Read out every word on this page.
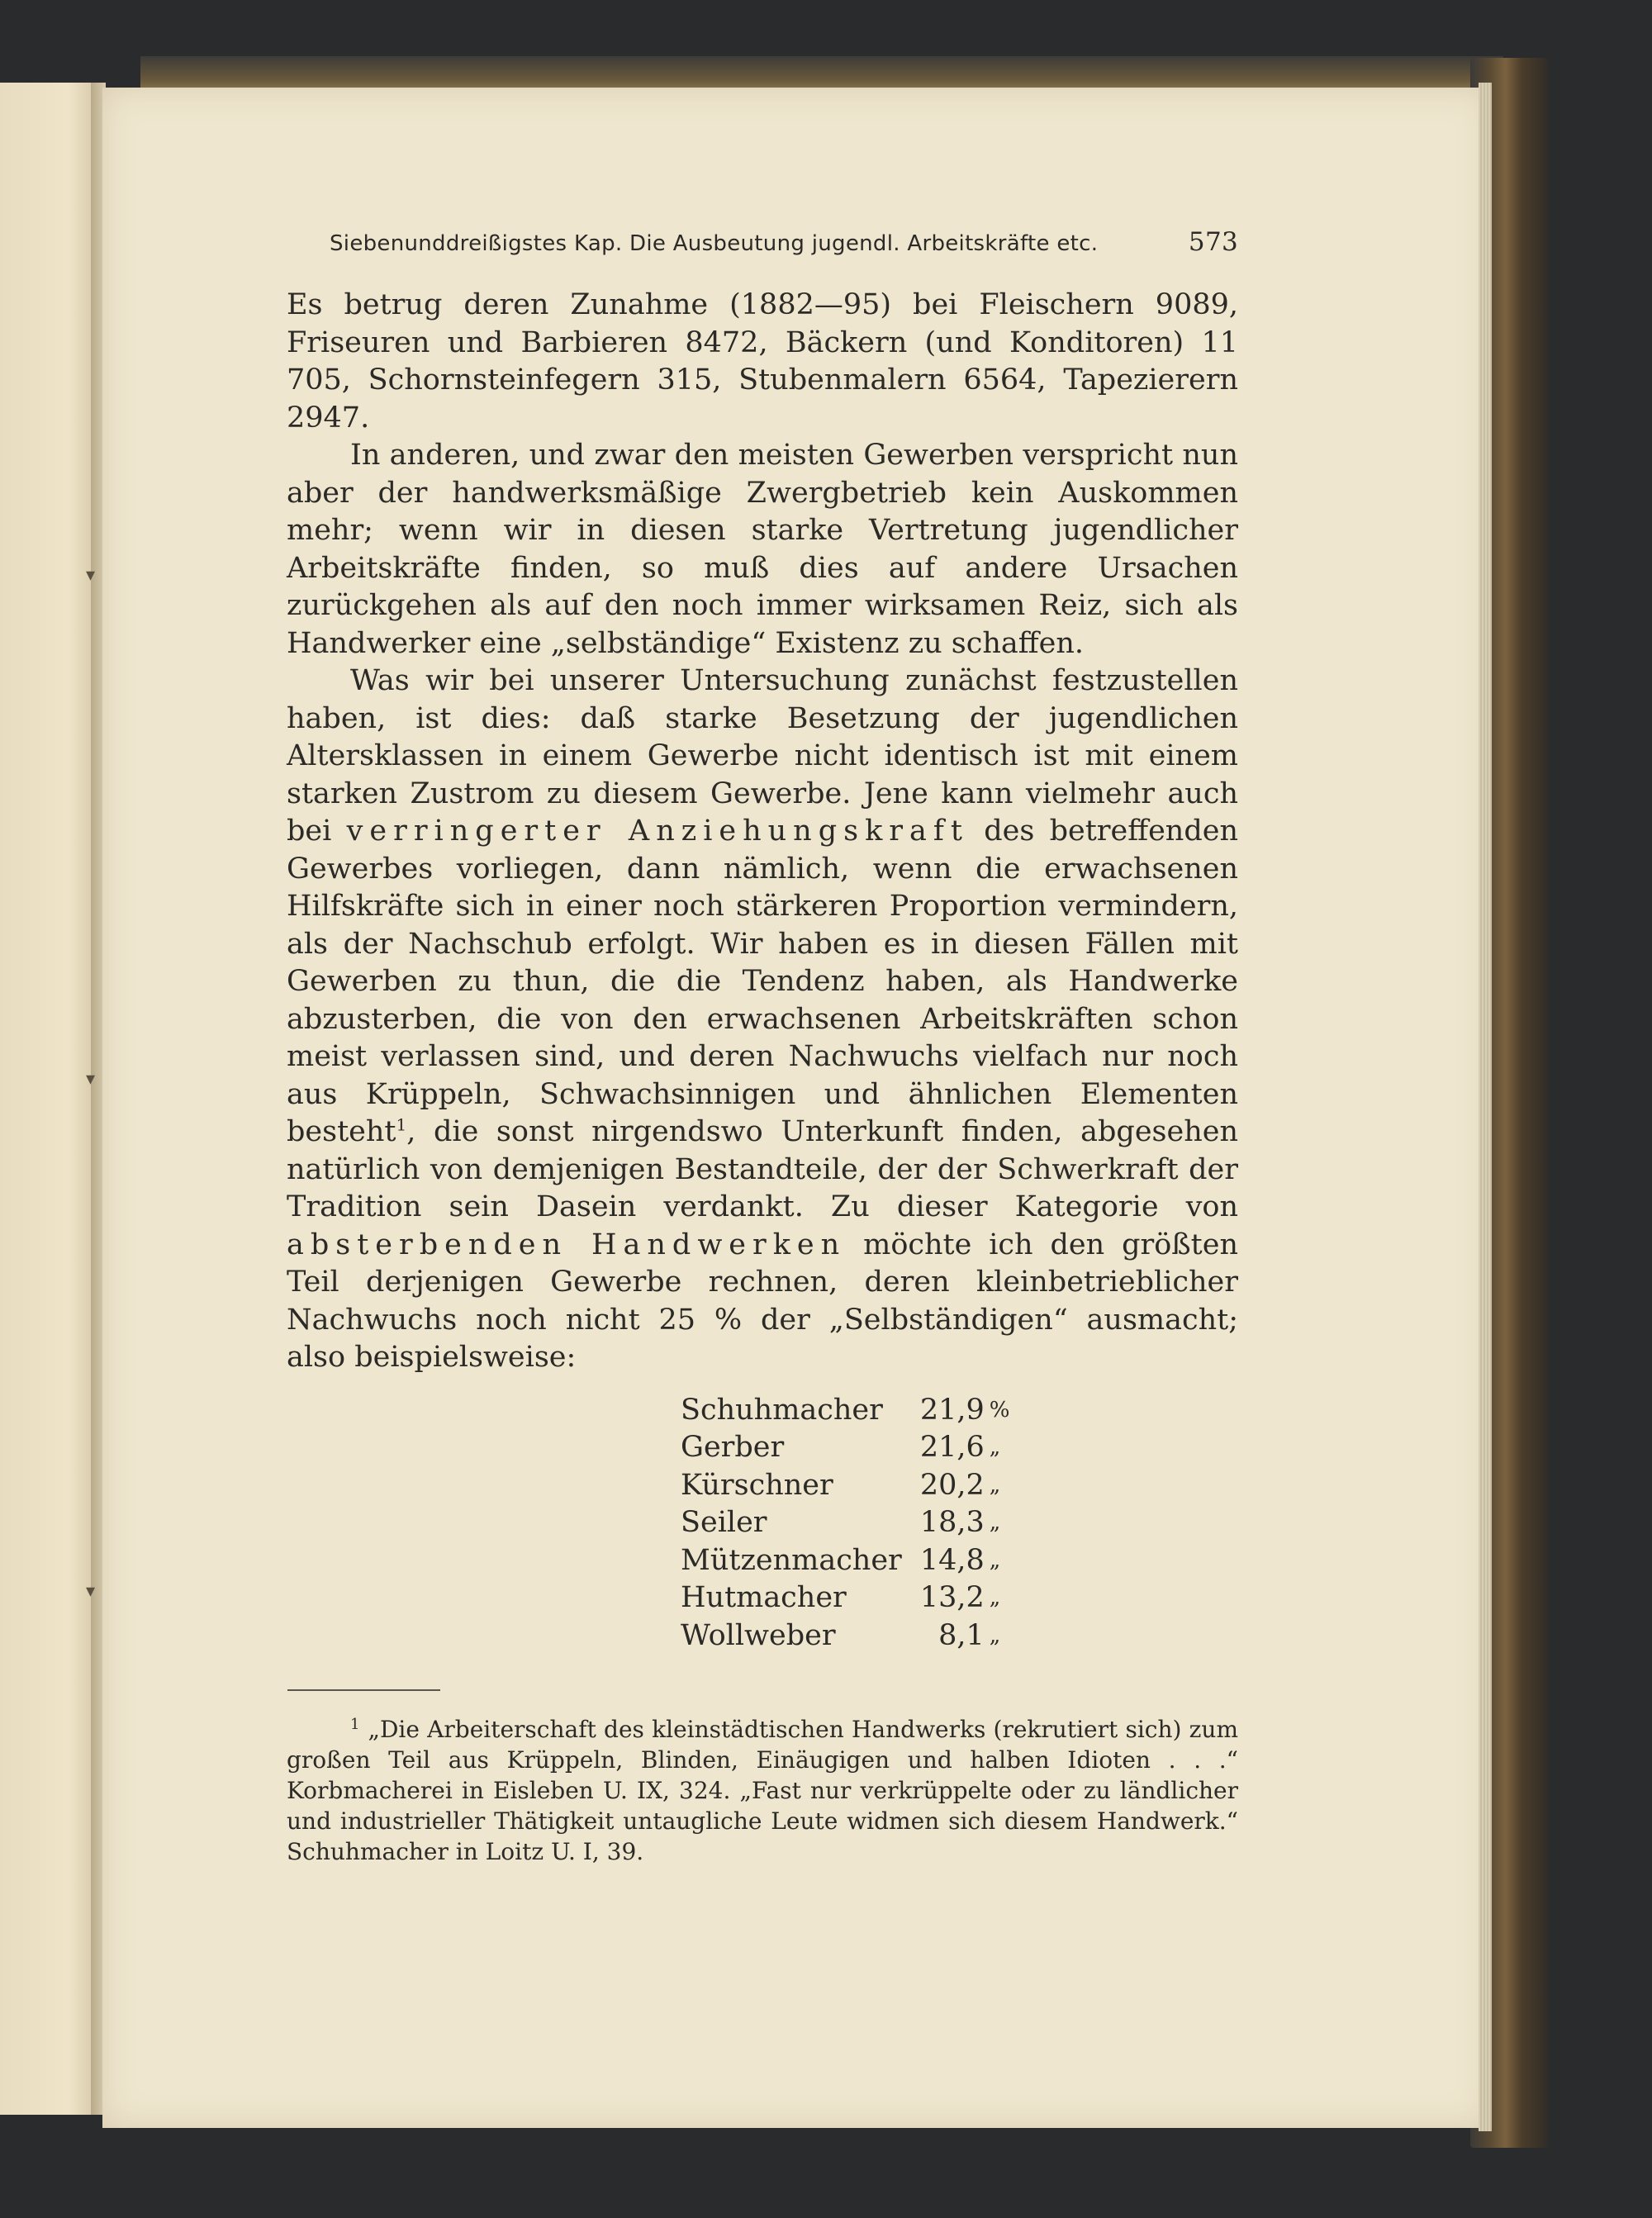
▾
▾
▾
Siebenunddreißigstes Kap. Die Ausbeutung jugendl. Arbeitskräfte etc.	573

Es betrug deren Zunahme (1882—95) bei Fleischern 9089, Friseuren und Barbieren 8472, Bäckern (und Konditoren) 11 705, Schornsteinfegern 315, Stubenmalern 6564, Tapezierern 2947.

In anderen, und zwar den meisten Gewerben verspricht nun aber der handwerksmäßige Zwergbetrieb kein Auskommen mehr; wenn wir in diesen starke Vertretung jugendlicher Arbeitskräfte finden, so muß dies auf andere Ursachen zurückgehen als auf den noch immer wirksamen Reiz, sich als Handwerker eine „selbständige“ Existenz zu schaffen.

Was wir bei unserer Untersuchung zunächst festzustellen haben, ist dies: daß starke Besetzung der jugendlichen Altersklassen in einem Gewerbe nicht identisch ist mit einem starken Zustrom zu diesem Gewerbe. Jene kann vielmehr auch bei verringerter Anziehungskraft des betreffenden Gewerbes vorliegen, dann nämlich, wenn die erwachsenen Hilfskräfte sich in einer noch stärkeren Proportion vermindern, als der Nachschub erfolgt. Wir haben es in diesen Fällen mit Gewerben zu thun, die die Tendenz haben, als Handwerke abzusterben, die von den erwachsenen Arbeitskräften schon meist verlassen sind, und deren Nachwuchs vielfach nur noch aus Krüppeln, Schwachsinnigen und ähnlichen Elementen besteht$^1$, die sonst nirgendswo Unterkunft finden, abgesehen natürlich von demjenigen Bestandteile, der der Schwerkraft der Tradition sein Dasein verdankt. Zu dieser Kategorie von absterbenden Handwerken möchte ich den größten Teil derjenigen Gewerbe rechnen, deren kleinbetrieblicher Nachwuchs noch nicht 25 % der „Selbständigen“ ausmacht; also beispielsweise:

Schuhmacher	21,9	%
Gerber	21,6	„
Kürschner	20,2	„
Seiler	18,3	„
Mützenmacher	14,8	„
Hutmacher	13,2	„
Wollweber	8,1	„

$^1$ „Die Arbeiterschaft des kleinstädtischen Handwerks (rekrutiert sich) zum großen Teil aus Krüppeln, Blinden, Einäugigen und halben Idioten . . .“ Korbmacherei in Eisleben U. IX, 324. „Fast nur verkrüppelte oder zu ländlicher und industrieller Thätigkeit untaugliche Leute widmen sich diesem Handwerk.“ Schuhmacher in Loitz U. I, 39.
